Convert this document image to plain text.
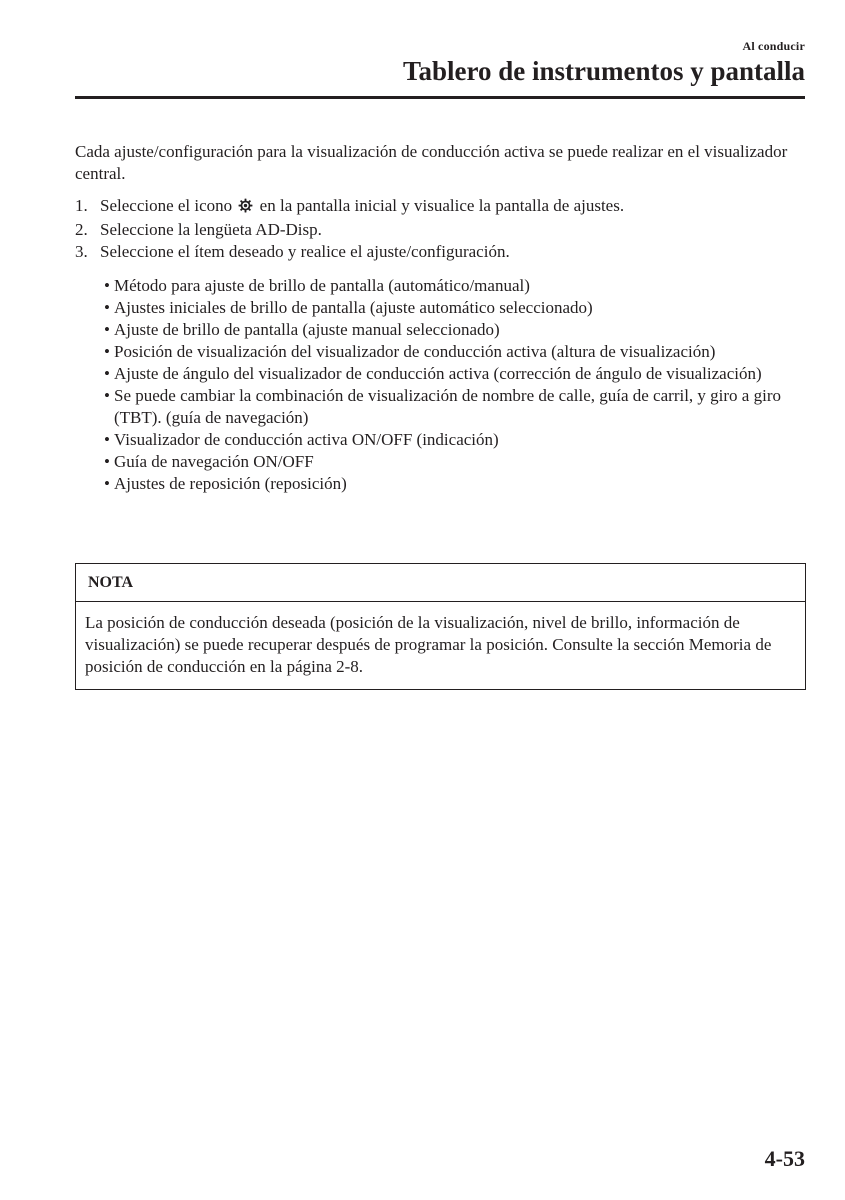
Al conducir
Tablero de instrumentos y pantalla

Cada ajuste/configuración para la visualización de conducción activa se puede realizar en el visualizador central.

1. Seleccione el icono en la pantalla inicial y visualice la pantalla de ajustes.
2. Seleccione la lengüeta AD-Disp.
3. Seleccione el ítem deseado y realice el ajuste/configuración.
• Método para ajuste de brillo de pantalla (automático/manual)
• Ajustes iniciales de brillo de pantalla (ajuste automático seleccionado)
• Ajuste de brillo de pantalla (ajuste manual seleccionado)
• Posición de visualización del visualizador de conducción activa (altura de visualización)
• Ajuste de ángulo del visualizador de conducción activa (corrección de ángulo de visualización)
• Se puede cambiar la combinación de visualización de nombre de calle, guía de carril, y giro a giro (TBT). (guía de navegación)
• Visualizador de conducción activa ON/OFF (indicación)
• Guía de navegación ON/OFF
• Ajustes de reposición (reposición)
NOTA
La posición de conducción deseada (posición de la visualización, nivel de brillo, información de visualización) se puede recuperar después de programar la posición. Consulte la sección Memoria de posición de conducción en la página 2-8.
4-53
